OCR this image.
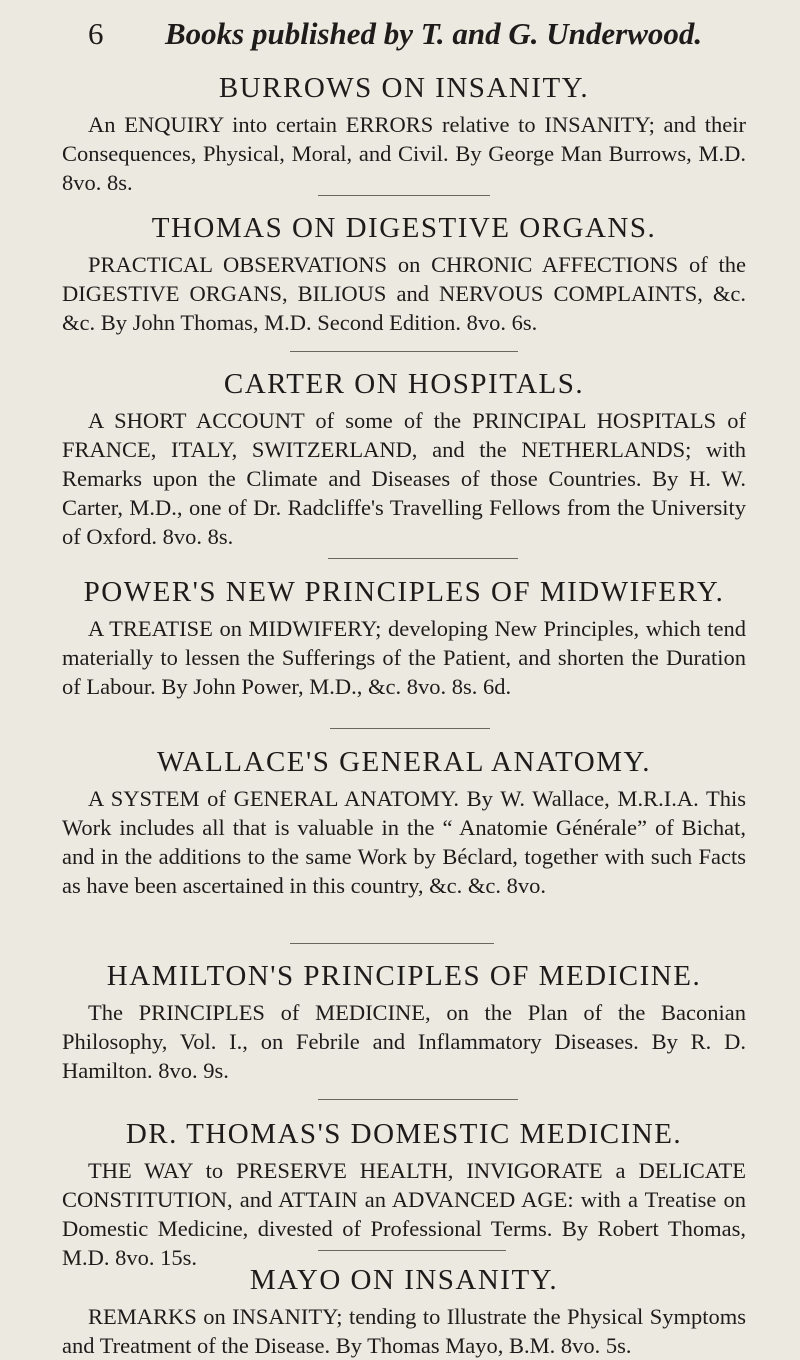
6 Books published by T. and G. Underwood.
BURROWS ON INSANITY.

An ENQUIRY into certain ERRORS relative to INSANITY; and their Consequences, Physical, Moral, and Civil. By George Man Burrows, M.D. 8vo. 8s.

THOMAS ON DIGESTIVE ORGANS.

PRACTICAL OBSERVATIONS on CHRONIC AFFECTIONS of the DIGESTIVE ORGANS, BILIOUS and NERVOUS COMPLAINTS, &c. &c. By John Thomas, M.D. Second Edition. 8vo. 6s.

CARTER ON HOSPITALS.

A SHORT ACCOUNT of some of the PRINCIPAL HOSPITALS of FRANCE, ITALY, SWITZERLAND, and the NETHERLANDS; with Remarks upon the Climate and Diseases of those Countries. By H. W. Carter, M.D., one of Dr. Radcliffe's Travelling Fellows from the University of Oxford. 8vo. 8s.

POWER'S NEW PRINCIPLES OF MIDWIFERY.

A TREATISE on MIDWIFERY; developing New Principles, which tend materially to lessen the Sufferings of the Patient, and shorten the Duration of Labour. By John Power, M.D., &c. 8vo. 8s. 6d.

WALLACE'S GENERAL ANATOMY.

A SYSTEM of GENERAL ANATOMY. By W. Wallace, M.R.I.A. This Work includes all that is valuable in the “ Anatomie Générale” of Bichat, and in the additions to the same Work by Béclard, together with such Facts as have been ascertained in this country, &c. &c. 8vo.

HAMILTON'S PRINCIPLES OF MEDICINE.

The PRINCIPLES of MEDICINE, on the Plan of the Baconian Philosophy, Vol. I., on Febrile and Inflammatory Diseases. By R. D. Hamilton. 8vo. 9s.

DR. THOMAS'S DOMESTIC MEDICINE.

THE WAY to PRESERVE HEALTH, INVIGORATE a DELICATE CONSTITUTION, and ATTAIN an ADVANCED AGE: with a Treatise on Domestic Medicine, divested of Professional Terms. By Robert Thomas, M.D. 8vo. 15s.

MAYO ON INSANITY.

REMARKS on INSANITY; tending to Illustrate the Physical Symptoms and Treatment of the Disease. By Thomas Mayo, B.M. 8vo. 5s.
